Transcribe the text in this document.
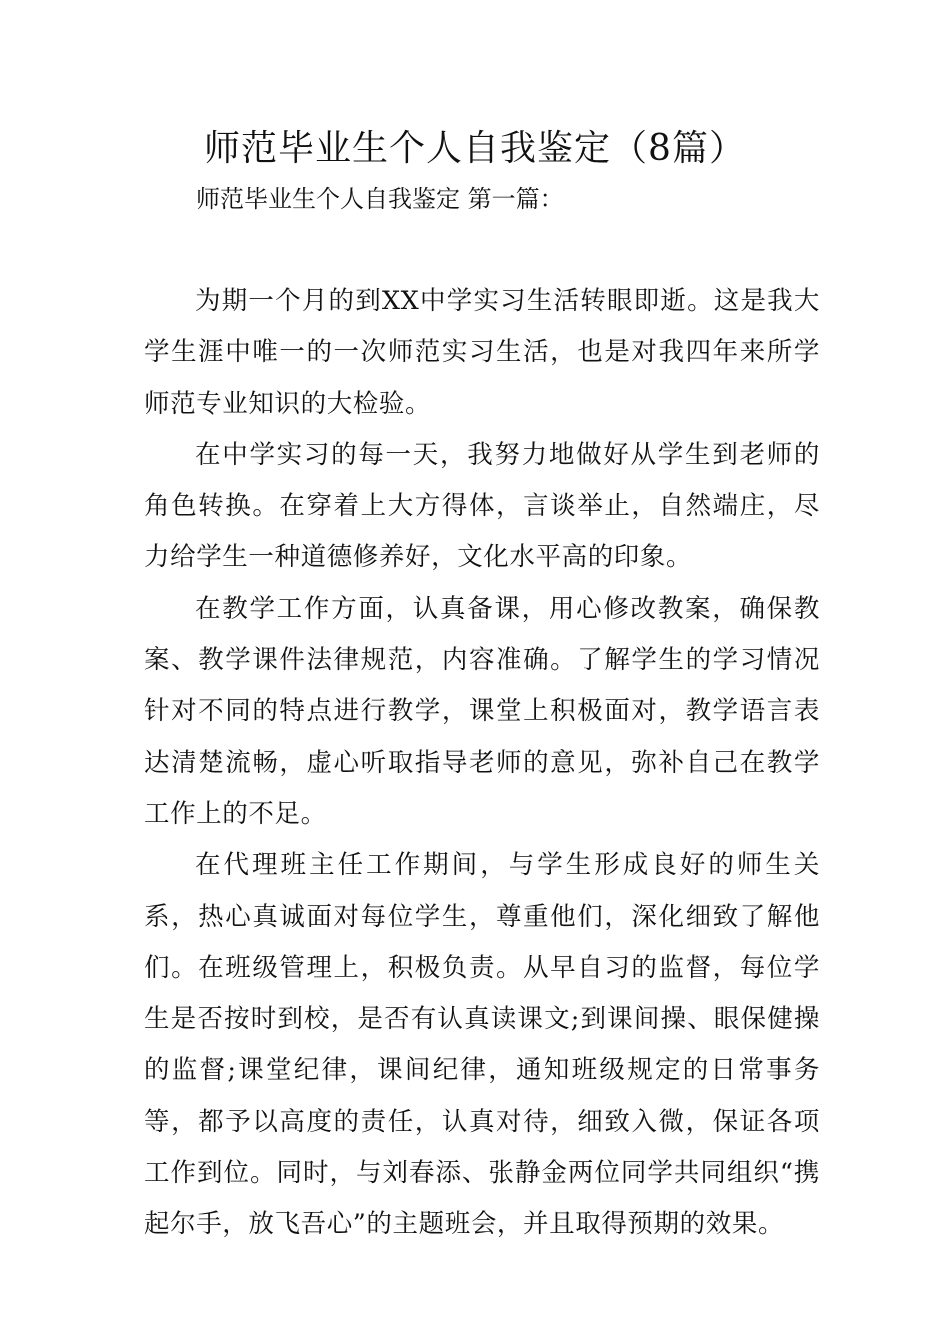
师范毕业生个人自我鉴定（8篇）
师范毕业生个人自我鉴定 第一篇：

为期一个月的到XX中学实习生活转眼即逝。这是我大学生涯中唯一的一次师范实习生活，也是对我四年来所学师范专业知识的大检验。

在中学实习的每一天，我努力地做好从学生到老师的角色转换。在穿着上大方得体，言谈举止，自然端庄，尽力给学生一种道德修养好，文化水平高的印象。

在教学工作方面，认真备课，用心修改教案，确保教案、教学课件法律规范，内容准确。了解学生的学习情况针对不同的特点进行教学，课堂上积极面对，教学语言表达清楚流畅，虚心听取指导老师的意见，弥补自己在教学工作上的不足。

在代理班主任工作期间，与学生形成良好的师生关系，热心真诚面对每位学生，尊重他们，深化细致了解他们。在班级管理上，积极负责。从早自习的监督，每位学生是否按时到校，是否有认真读课文;到课间操、眼保健操的监督;课堂纪律，课间纪律，通知班级规定的日常事务等，都予以高度的责任，认真对待，细致入微，保证各项工作到位。同时，与刘春添、张静金两位同学共同组织“携起尔手，放飞吾心”的主题班会，并且取得预期的效果。
